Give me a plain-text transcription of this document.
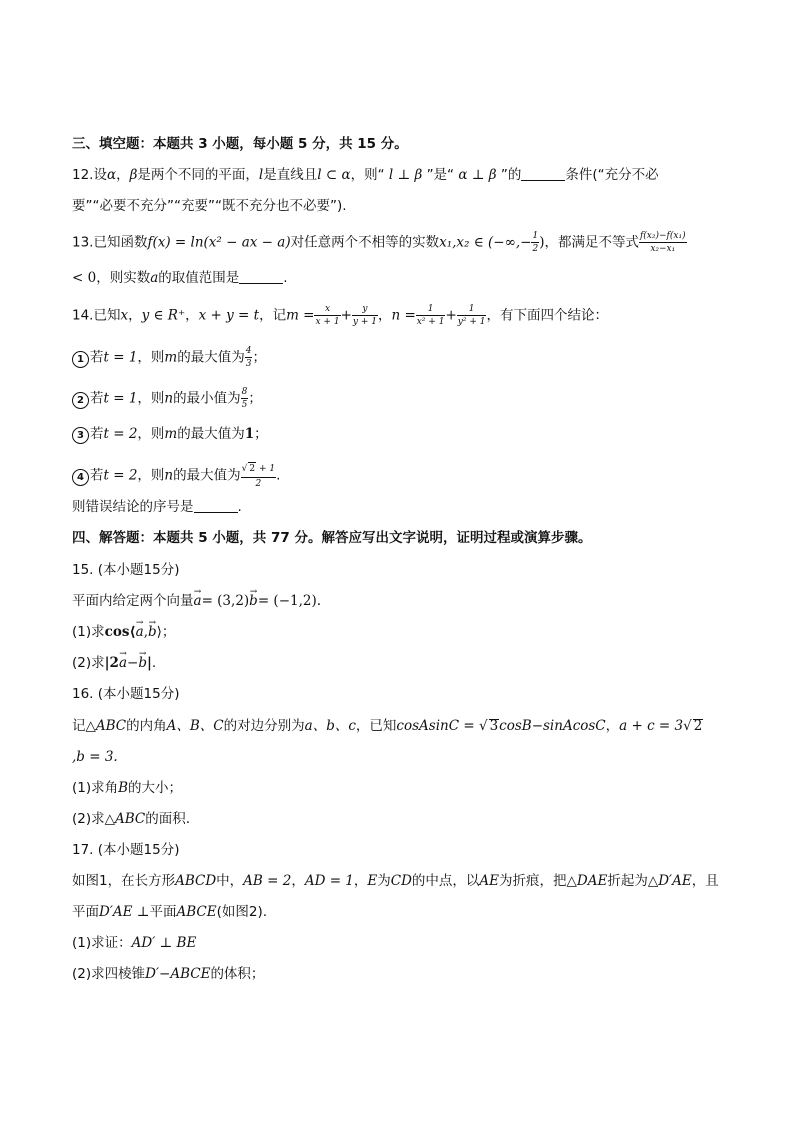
三、填空题：本题共 3 小题，每小题 5 分，共 15 分。
12.设α，β是两个不同的平面，l是直线且l ⊂ α，则“ l ⊥ β ”是“ α ⊥ β ”的	条件(“充分不必
要”“必要不充分”“充要”“既不充分也不必要”).
13.已知函数f(x) = ln(x² − ax − a)对任意两个不相等的实数x₁,x₂ ∈ (−∞,− $\frac{1}{2}$ )，都满足不等式 $\frac{\text{f(x₂)−f(x₁)}}{\text{x₂−x₁}}$
< 0，则实数a的取值范围是	.
14.已知x，y ∈ R⁺，x + y = t，记$m = \frac{x}{x + 1} + \frac{y}{y + 1}$ ，$n = \frac{1}{\text{x² + 1}} + \frac{1}{\text{y² + 1}}$ ，有下面四个结论：
1 若t = 1，则m的最大值为 $\frac{4}{3}$ ；
2 若t = 1，则n的最小值为 $\frac{8}{5}$ ；
3 若t = 2，则m的最大值为1；
4 若t = 2，则n的最大值为 $\frac{√ 2 + 1}{2}$ .
则错误结论的序号是	.
四、解答题：本题共 5 小题，共 77 分。解答应写出文字说明，证明过程或演算步骤。
15. (本小题15分)
平面内给定两个向量→ a= (3,2)→ b= (−1,2).
(1)求cos⟨→ a,→ b⟩；
(2)求|2→ a−→ b|.
16. (本小题15分)
记△ABC的内角A、B、C的对边分别为a、b、c，已知cosAsinC = √ 3cosB−sinAcosC，a + c = 3√ 2
,b = 3.
(1)求角B的大小；
(2)求△ABC的面积.
17. (本小题15分)
如图1，在长方形ABCD中，AB = 2，AD = 1，E为CD的中点，以AE为折痕，把△DAE折起为△D′AE，且
平面D′AE ⊥平面ABCE(如图2).
(1)求证：AD′ ⊥ BE
(2)求四棱锥D′−ABCE的体积；
